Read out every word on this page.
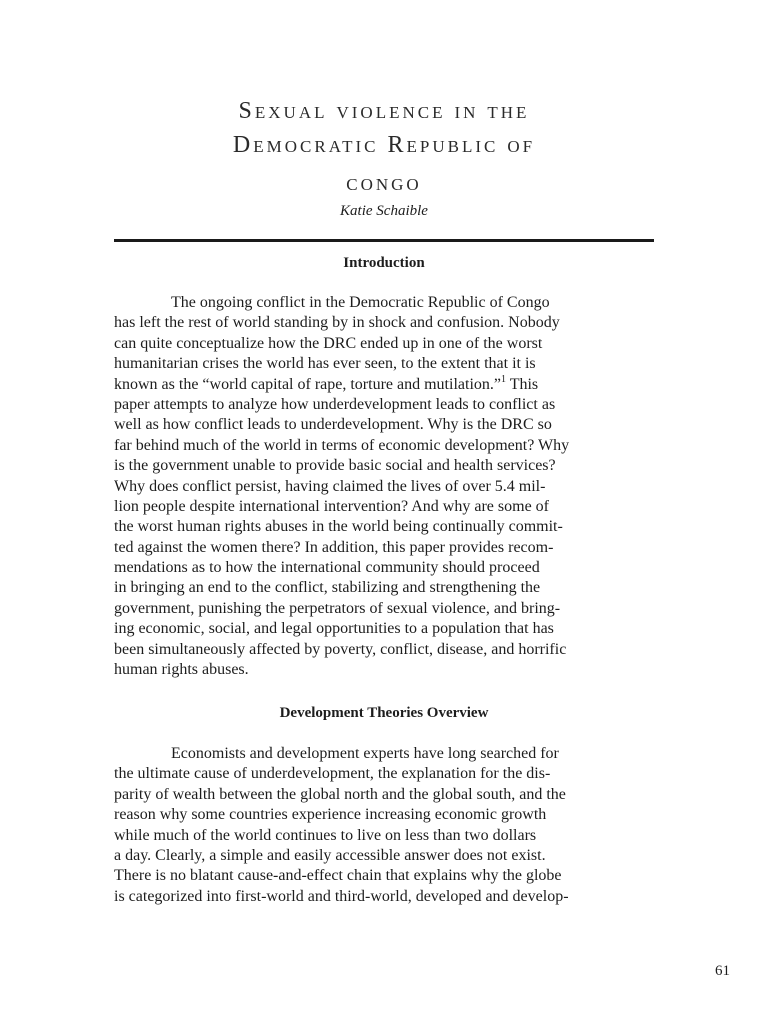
Sexual violence in the
Democratic Republic of
congo
Katie Schaible
Introduction
The ongoing conflict in the Democratic Republic of Congo
has left the rest of world standing by in shock and confusion. Nobody
can quite conceptualize how the DRC ended up in one of the worst
humanitarian crises the world has ever seen, to the extent that it is
known as the “world capital of rape, torture and mutilation.”$^1$ This
paper attempts to analyze how underdevelopment leads to conflict as
well as how conflict leads to underdevelopment. Why is the DRC so
far behind much of the world in terms of economic development? Why
is the government unable to provide basic social and health services?
Why does conflict persist, having claimed the lives of over 5.4 mil-
lion people despite international intervention? And why are some of
the worst human rights abuses in the world being continually commit-
ted against the women there? In addition, this paper provides recom-
mendations as to how the international community should proceed
in bringing an end to the conflict, stabilizing and strengthening the
government, punishing the perpetrators of sexual violence, and bring-
ing economic, social, and legal opportunities to a population that has
been simultaneously affected by poverty, conflict, disease, and horrific
human rights abuses.
Development Theories Overview
Economists and development experts have long searched for
the ultimate cause of underdevelopment, the explanation for the dis-
parity of wealth between the global north and the global south, and the
reason why some countries experience increasing economic growth
while much of the world continues to live on less than two dollars
a day. Clearly, a simple and easily accessible answer does not exist.
There is no blatant cause-and-effect chain that explains why the globe
is categorized into first-world and third-world, developed and develop-
61
